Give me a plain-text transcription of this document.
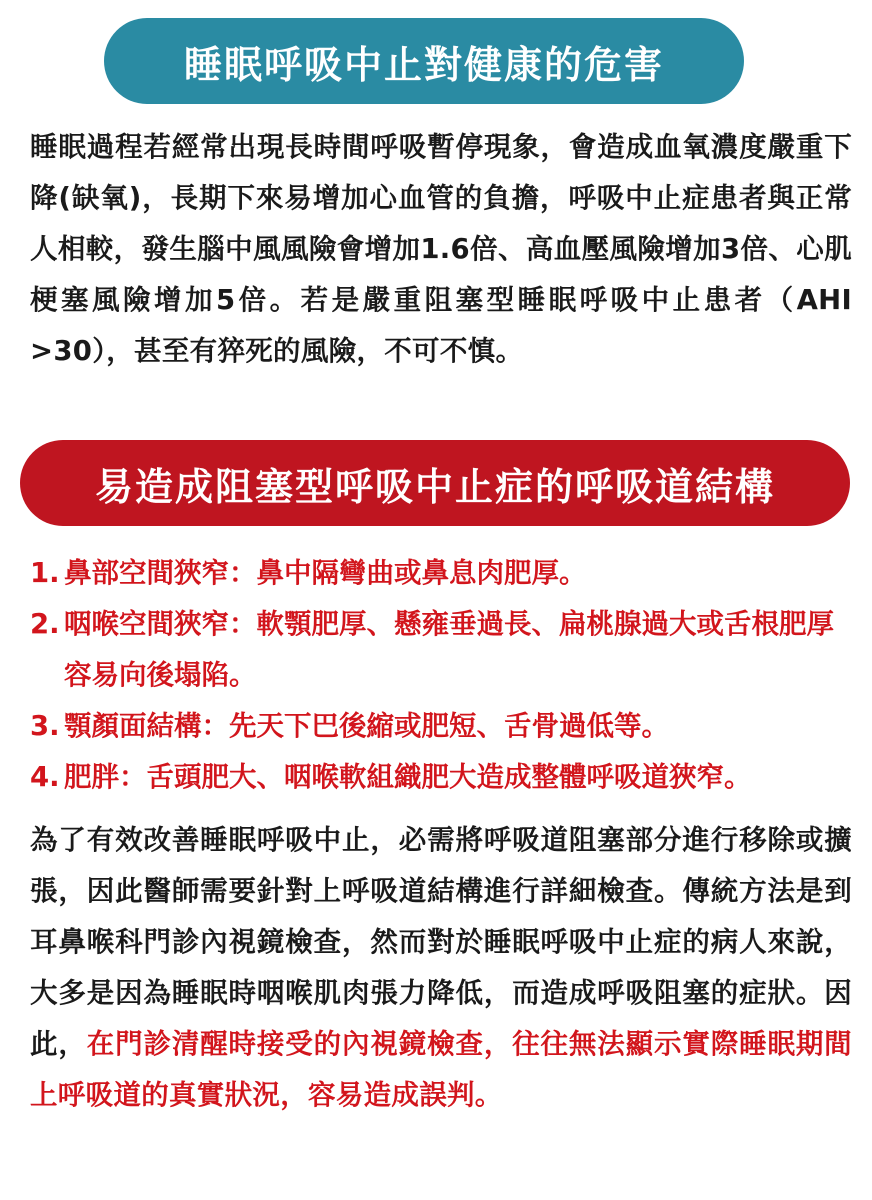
睡眠呼吸中止對健康的危害

睡眠過程若經常出現長時間呼吸暫停現象，會造成血氧濃度嚴重下降(缺氧)，長期下來易增加心血管的負擔，呼吸中止症患者與正常人相較，發生腦中風風險會增加1.6倍、高血壓風險增加3倍、心肌梗塞風險增加5倍。若是嚴重阻塞型睡眠呼吸中止患者（AHI >30），甚至有猝死的風險，不可不慎。

易造成阻塞型呼吸中止症的呼吸道結構
1. 鼻部空間狹窄：鼻中隔彎曲或鼻息肉肥厚。
2. 咽喉空間狹窄：軟顎肥厚、懸雍垂過長、扁桃腺過大或舌根肥厚容易向後塌陷。
3. 顎顏面結構：先天下巴後縮或肥短、舌骨過低等。
4. 肥胖：舌頭肥大、咽喉軟組織肥大造成整體呼吸道狹窄。

為了有效改善睡眠呼吸中止，必需將呼吸道阻塞部分進行移除或擴張，因此醫師需要針對上呼吸道結構進行詳細檢查。傳統方法是到耳鼻喉科門診內視鏡檢查，然而對於睡眠呼吸中止症的病人來說，大多是因為睡眠時咽喉肌肉張力降低，而造成呼吸阻塞的症狀。因此，在門診清醒時接受的內視鏡檢查，往往無法顯示實際睡眠期間上呼吸道的真實狀況，容易造成誤判。
